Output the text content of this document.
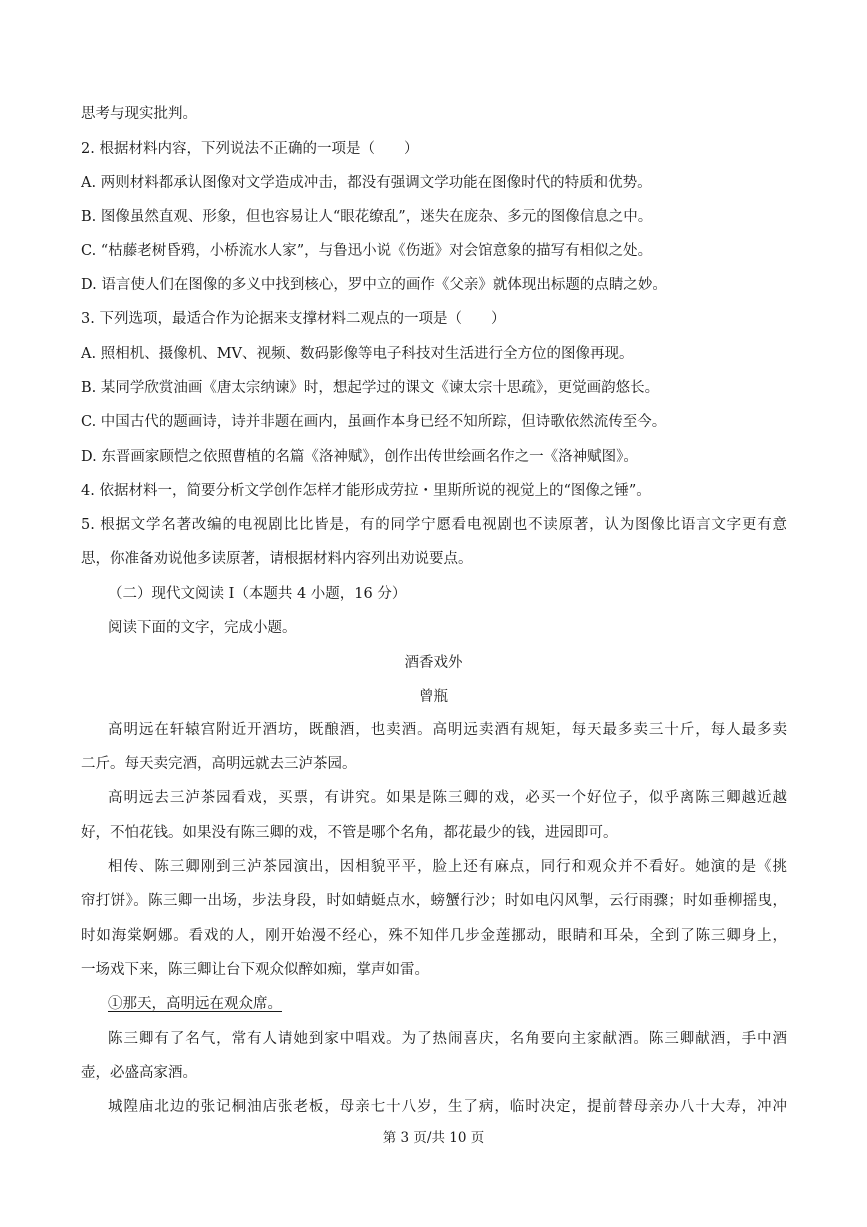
思考与现实批判。
2. 根据材料内容，下列说法不正确的一项是（　　）
A. 两则材料都承认图像对文学造成冲击，都没有强调文学功能在图像时代的特质和优势。
B. 图像虽然直观、形象，但也容易让人“眼花缭乱”，迷失在庞杂、多元的图像信息之中。
C. “枯藤老树昏鸦，小桥流水人家”，与鲁迅小说《伤逝》对会馆意象的描写有相似之处。
D. 语言使人们在图像的多义中找到核心，罗中立的画作《父亲》就体现出标题的点睛之妙。
3. 下列选项，最适合作为论据来支撑材料二观点的一项是（　　）
A. 照相机、摄像机、MV、视频、数码影像等电子科技对生活进行全方位的图像再现。
B. 某同学欣赏油画《唐太宗纳谏》时，想起学过的课文《谏太宗十思疏》，更觉画韵悠长。
C. 中国古代的题画诗，诗并非题在画内，虽画作本身已经不知所踪，但诗歌依然流传至今。
D. 东晋画家顾恺之依照曹植的名篇《洛神赋》，创作出传世绘画名作之一《洛神赋图》。
4. 依据材料一，简要分析文学创作怎样才能形成劳拉・里斯所说的视觉上的“图像之锤”。
5. 根据文学名著改编的电视剧比比皆是，有的同学宁愿看电视剧也不读原著，认为图像比语言文字更有意
思，你准备劝说他多读原著，请根据材料内容列出劝说要点。
（二）现代文阅读 I（本题共 4 小题，16 分）
阅读下面的文字，完成小题。
酒香戏外
曾瓶
高明远在轩辕宫附近开酒坊，既酿酒，也卖酒。高明远卖酒有规矩，每天最多卖三十斤，每人最多卖
二斤。每天卖完酒，高明远就去三泸茶园。
高明远去三泸茶园看戏，买票，有讲究。如果是陈三卿的戏，必买一个好位子，似乎离陈三卿越近越
好，不怕花钱。如果没有陈三卿的戏，不管是哪个名角，都花最少的钱，进园即可。
相传、陈三卿刚到三泸茶园演出，因相貌平平，脸上还有麻点，同行和观众并不看好。她演的是《挑
帘打饼》。陈三卿一出场，步法身段，时如蜻蜓点水，螃蟹行沙；时如电闪风掣，云行雨骤；时如垂柳摇曳，
时如海棠婀娜。看戏的人，刚开始漫不经心，殊不知伴几步金莲挪动，眼睛和耳朵，全到了陈三卿身上，
一场戏下来，陈三卿让台下观众似醉如痴，掌声如雷。
①那天，高明远在观众席。
陈三卿有了名气，常有人请她到家中唱戏。为了热闹喜庆，名角要向主家献酒。陈三卿献酒，手中酒
壶，必盛高家酒。
城隍庙北边的张记桐油店张老板，母亲七十八岁，生了病，临时决定，提前替母亲办八十大寿，冲冲
第 3 页/共 10 页
